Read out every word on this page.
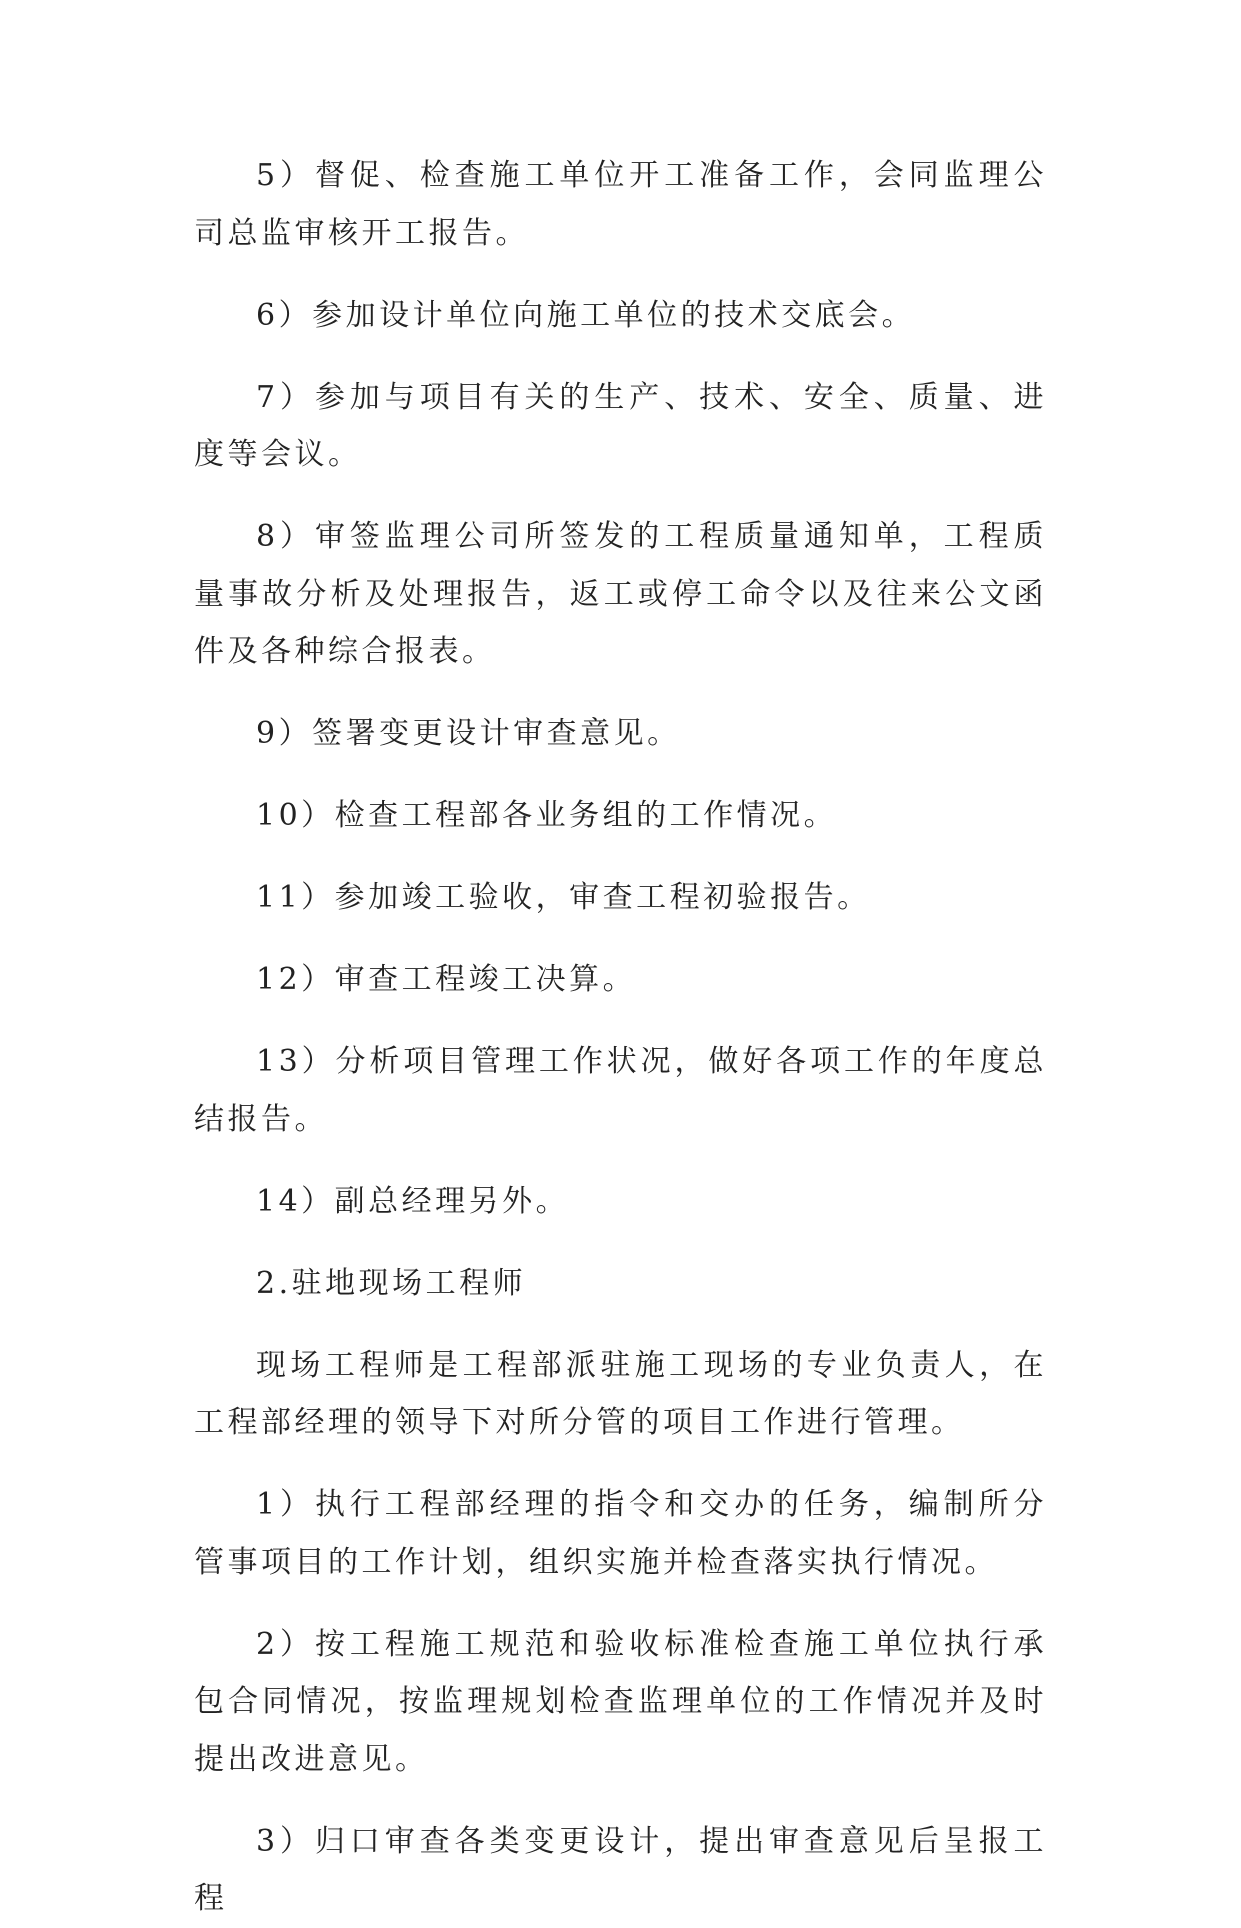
5）督促、检查施工单位开工准备工作，会同监理公司总监审核开工报告。

6）参加设计单位向施工单位的技术交底会。

7）参加与项目有关的生产、技术、安全、质量、进度等会议。

8）审签监理公司所签发的工程质量通知单，工程质量事故分析及处理报告，返工或停工命令以及往来公文函件及各种综合报表。

9）签署变更设计审查意见。

10）检查工程部各业务组的工作情况。

11）参加竣工验收，审查工程初验报告。

12）审查工程竣工决算。

13）分析项目管理工作状况，做好各项工作的年度总结报告。

14）副总经理另外。

2.驻地现场工程师

现场工程师是工程部派驻施工现场的专业负责人，在工程部经理的领导下对所分管的项目工作进行管理。

1）执行工程部经理的指令和交办的任务，编制所分管事项目的工作计划，组织实施并检查落实执行情况。

2）按工程施工规范和验收标准检查施工单位执行承包合同情况，按监理规划检查监理单位的工作情况并及时提出改进意见。

3）归口审查各类变更设计，提出审查意见后呈报工程
